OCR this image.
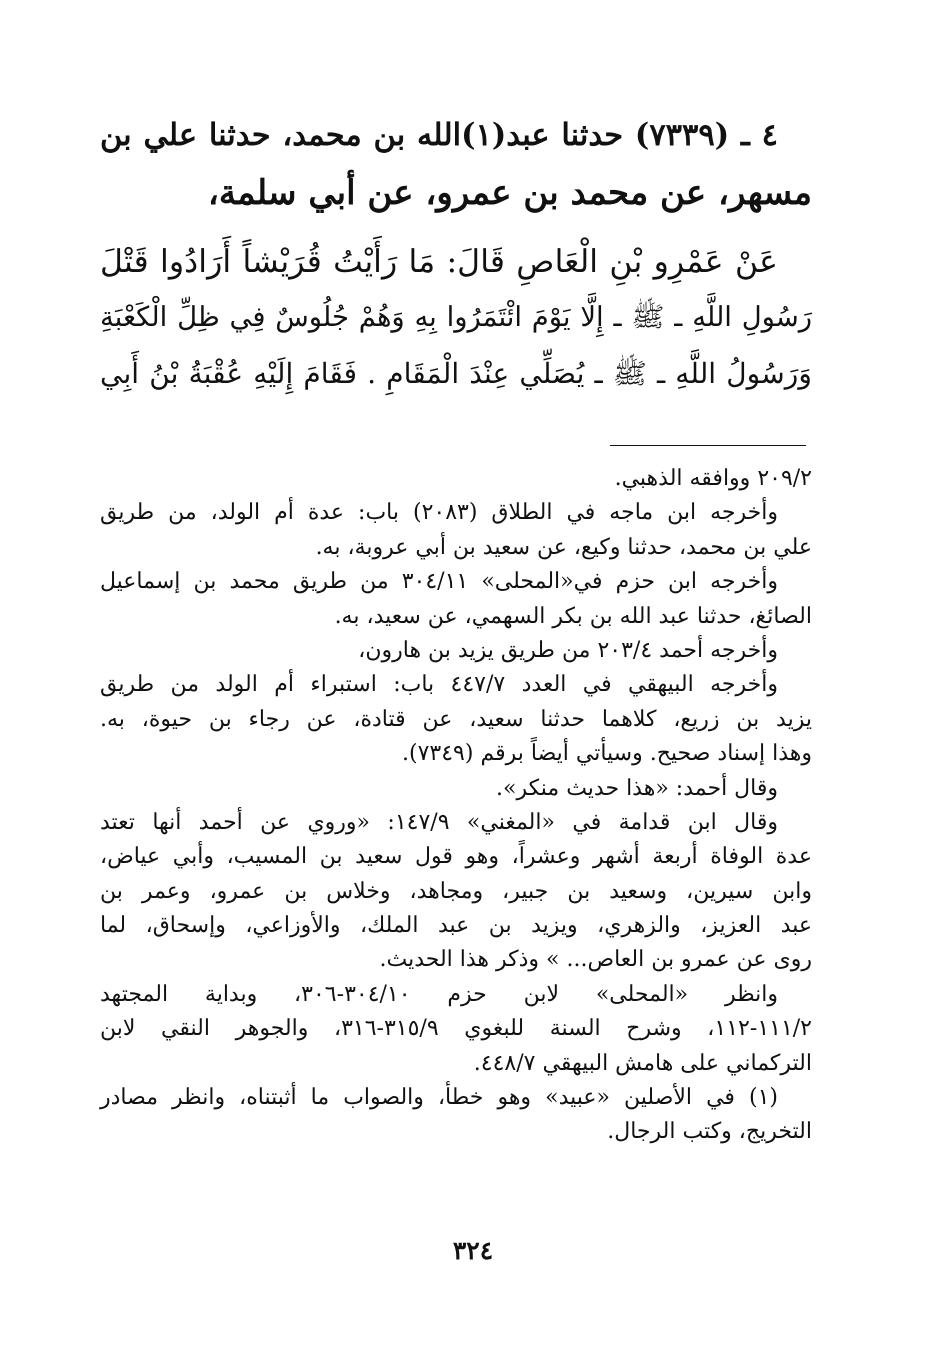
٤ ـ (٧٣٣٩) حدثنا عبد(١)الله بن محمد، حدثنا علي بن
مسهر، عن محمد بن عمرو، عن أبي سلمة،
عَنْ عَمْرِو بْنِ الْعَاصِ قَالَ: مَا رَأَيْتُ قُرَيْشاً أَرَادُوا قَتْلَ
رَسُولِ اللَّهِ ـ ﷺ ـ إِلَّا يَوْمَ ائْتَمَرُوا بِهِ وَهُمْ جُلُوسٌ فِي ظِلِّ الْكَعْبَةِ
وَرَسُولُ اللَّهِ ـ ﷺ ـ يُصَلِّي عِنْدَ الْمَقَامِ . فَقَامَ إِلَيْهِ عُقْبَةُ بْنُ أَبِي
٢٠٩/٢ ووافقه الذهبي.
وأخرجه ابن ماجه في الطلاق (٢٠٨٣) باب: عدة أم الولد، من طريق
علي بن محمد، حدثنا وكيع، عن سعيد بن أبي عروبة، به.
وأخرجه ابن حزم في«المحلى» ٣٠٤/١١ من طريق محمد بن إسماعيل
الصائغ، حدثنا عبد الله بن بكر السهمي، عن سعيد، به.
وأخرجه أحمد ٢٠٣/٤ من طريق يزيد بن هارون،
وأخرجه البيهقي في العدد ٤٤٧/٧ باب: استبراء أم الولد من طريق
يزيد بن زريع، كلاهما حدثنا سعيد، عن قتادة، عن رجاء بن حيوة، به.
وهذا إسناد صحيح. وسيأتي أيضاً برقم (٧٣٤٩).
وقال أحمد: «هذا حديث منكر».
وقال ابن قدامة في «المغني» ١٤٧/٩: «وروي عن أحمد أنها تعتد
عدة الوفاة أربعة أشهر وعشراً، وهو قول سعيد بن المسيب، وأبي عياض،
وابن سيرين، وسعيد بن جبير، ومجاهد، وخلاس بن عمرو، وعمر بن
عبد العزيز، والزهري، ويزيد بن عبد الملك، والأوزاعي، وإسحاق، لما
روى عن عمرو بن العاص... » وذكر هذا الحديث.
وانظر «المحلى» لابن حزم ٣٠٤/١٠-٣٠٦، وبداية المجتهد
١١١/٢-١١٢، وشرح السنة للبغوي ٣١٥/٩-٣١٦، والجوهر النقي لابن
التركماني على هامش البيهقي ٤٤٨/٧.
(١) في الأصلين «عبيد» وهو خطأ، والصواب ما أثبتناه، وانظر مصادر
التخريج، وكتب الرجال.
٣٢٤
